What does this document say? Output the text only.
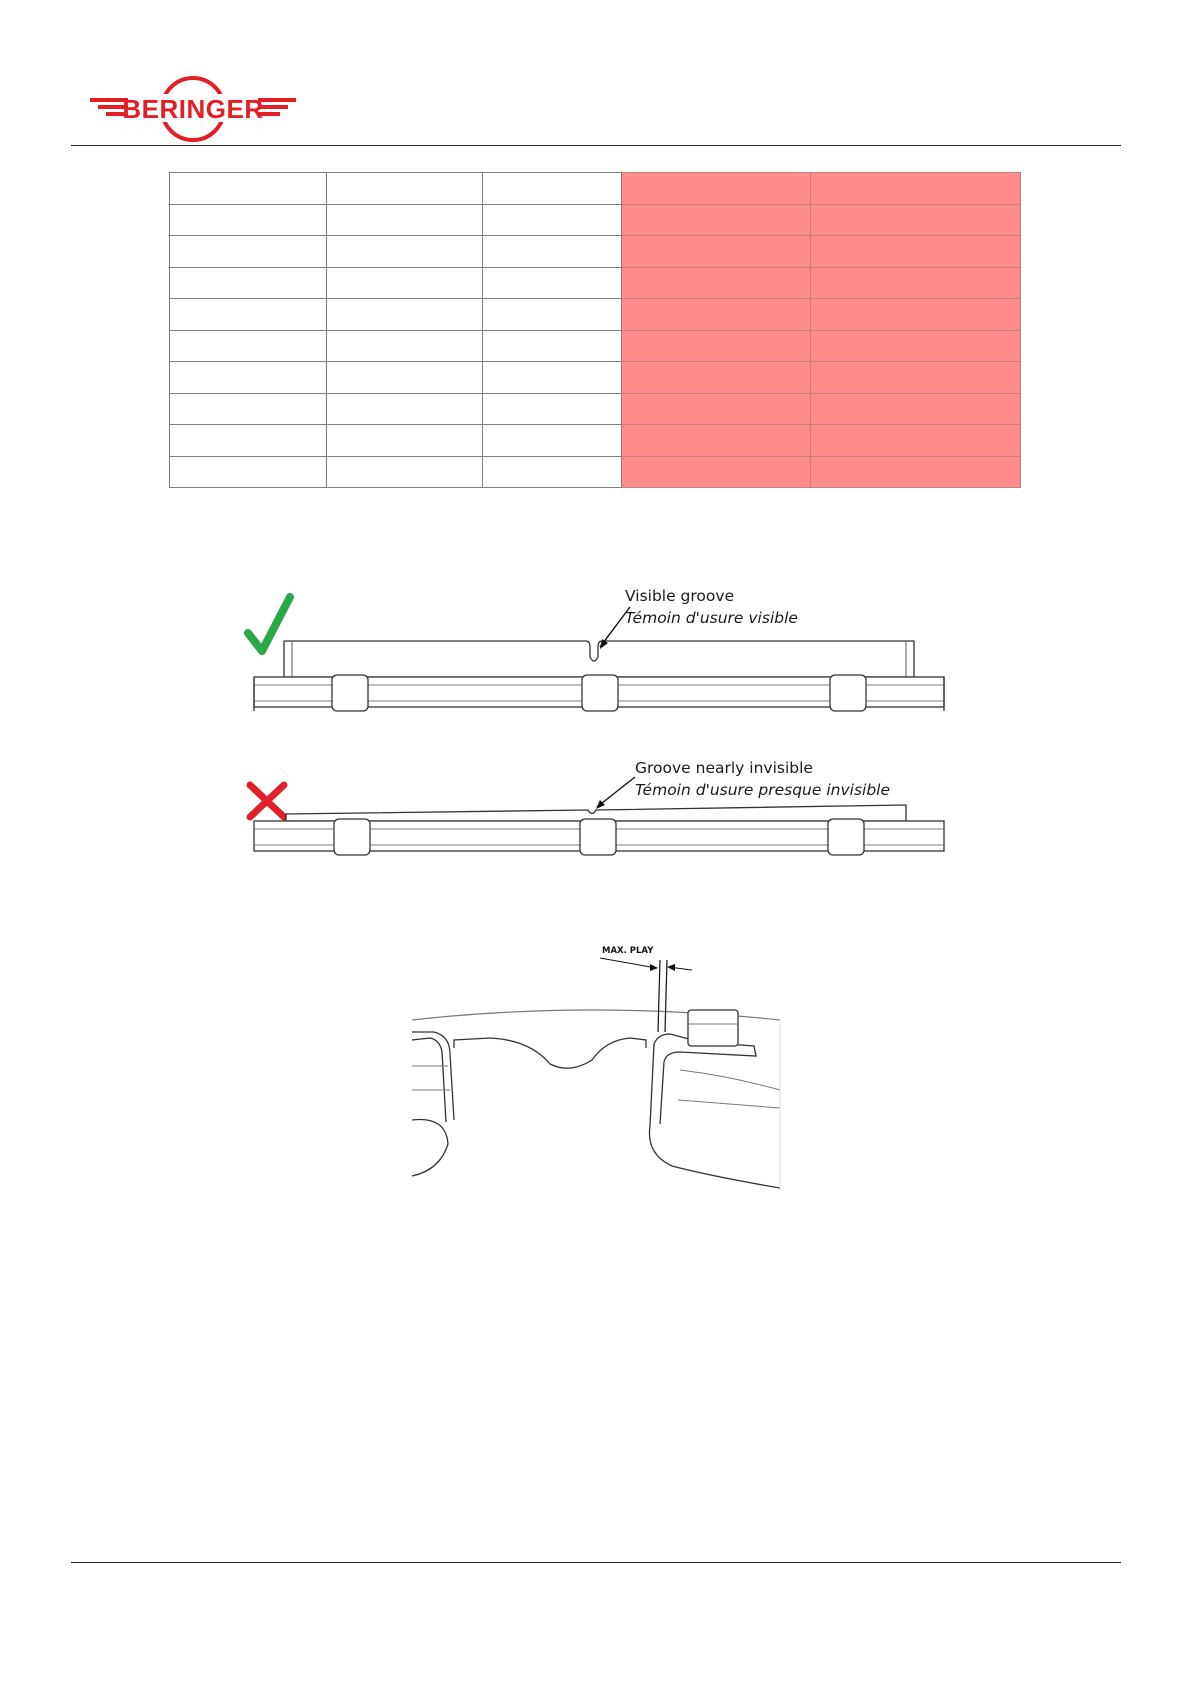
BERINGER

Visible groove
Témoin d'usure visible
Groove nearly invisible
Témoin d'usure presque invisible
MAX. PLAY
